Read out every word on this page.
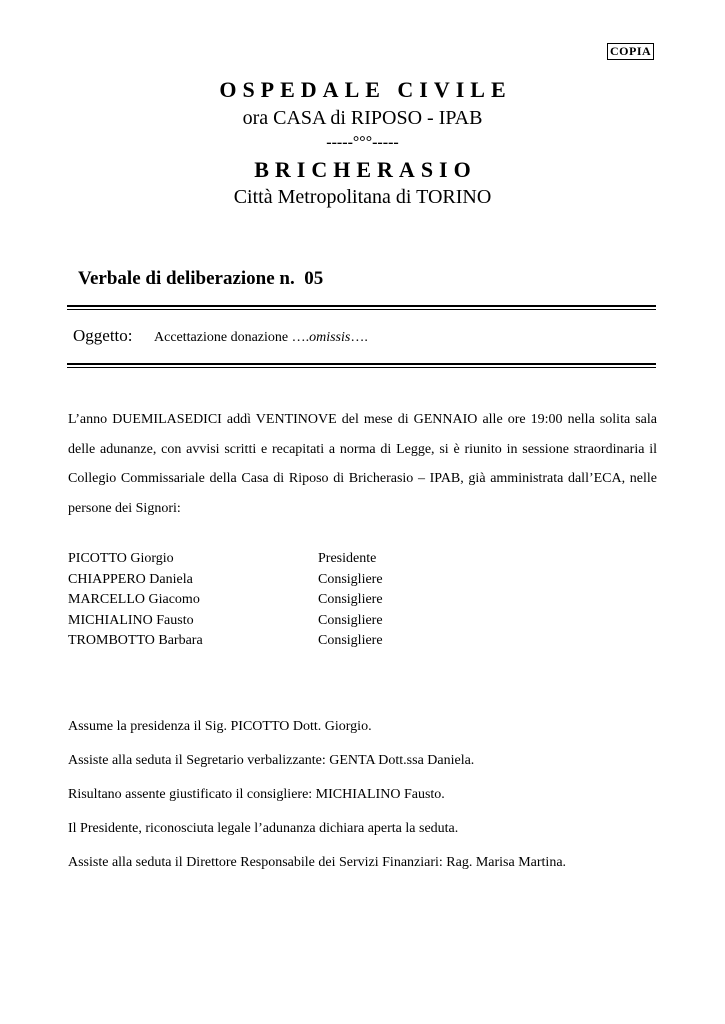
COPIA
OSPEDALE CIVILE
ora CASA di RIPOSO - IPAB
-----°°°-----
BRICHERASIO
Città Metropolitana di TORINO
Verbale di deliberazione n. 05
Oggetto: Accettazione donazione ….omissis….
L’anno DUEMILASEDICI addì VENTINOVE del mese di GENNAIO alle ore 19:00 nella solita sala delle adunanze, con avvisi scritti e recapitati a norma di Legge, si è riunito in sessione straordinaria il Collegio Commissariale della Casa di Riposo di Bricherasio – IPAB, già amministrata dall’ECA, nelle persone dei Signori:
PICOTTO Giorgio	Presidente
CHIAPPERO Daniela	Consigliere
MARCELLO Giacomo	Consigliere
MICHIALINO Fausto	Consigliere
TROMBOTTO Barbara	Consigliere
Assume la presidenza il Sig. PICOTTO Dott. Giorgio.
Assiste alla seduta il Segretario verbalizzante: GENTA Dott.ssa Daniela.
Risultano assente giustificato il consigliere: MICHIALINO Fausto.
Il Presidente, riconosciuta legale l’adunanza dichiara aperta la seduta.
Assiste alla seduta il Direttore Responsabile dei Servizi Finanziari: Rag. Marisa Martina.
